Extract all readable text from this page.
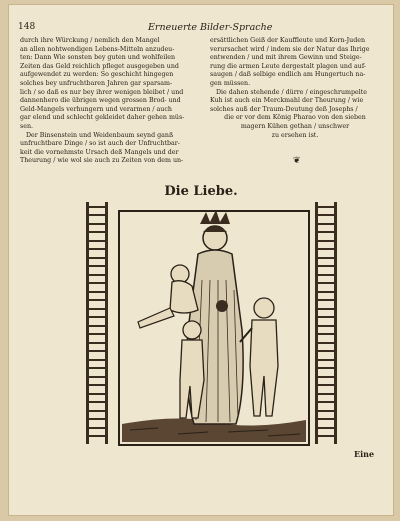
148	Erneuerte Bilder-Sprache

durch ihre Würckung / nemlich den Mangel

an allen nohtwendigen Lebens-Mitteln anzudeu-

ten: Dann Wie sonsten bey guten und wohlfeilen

Zeiten das Geld reichlich pfleget ausgegeben und

aufgewendet zu werden: So geschicht hingegen

solches bey unfruchtbaren Jahren gar sparsam-

lich / so daß es nur bey ihrer wenigen bleibet / und

dannenhero die übrigen wegen grossen Brod- und

Geld-Mangels verhungern und verarmen / auch

gar elend und schlecht gekleidet daher gehen müs-

sen.

Der Binsenstein und Weidenbaum seynd ganß

unfruchtbare Dinge / so ist auch der Unfruchtbar-

keit die vornehmste Ursach deß Mangels und der

Theurung / wie wol sie auch zu Zeiten von dem un-

ersättlichen Geiß der Kauffleute und Korn-Juden

verursachet wird / indem sie der Natur das Ihrige

entwenden / und mit ihrem Gewinn und Steige-

rung die armen Leute dergestalt plagen und auf-

saugen / daß selbige endlich am Hungertuch na-

gen müssen.

Die dahen stehende / dürre / eingeschrumpelte

Kuh ist auch ein Merckmahl der Theurung / wie

solches auß der Traum-Deutung deß Josephs /

die er vor dem König Pharao von den sieben

magern Kühen gethan / unschwer

zu ersehen ist.

❦
Die Liebe.
Eine
